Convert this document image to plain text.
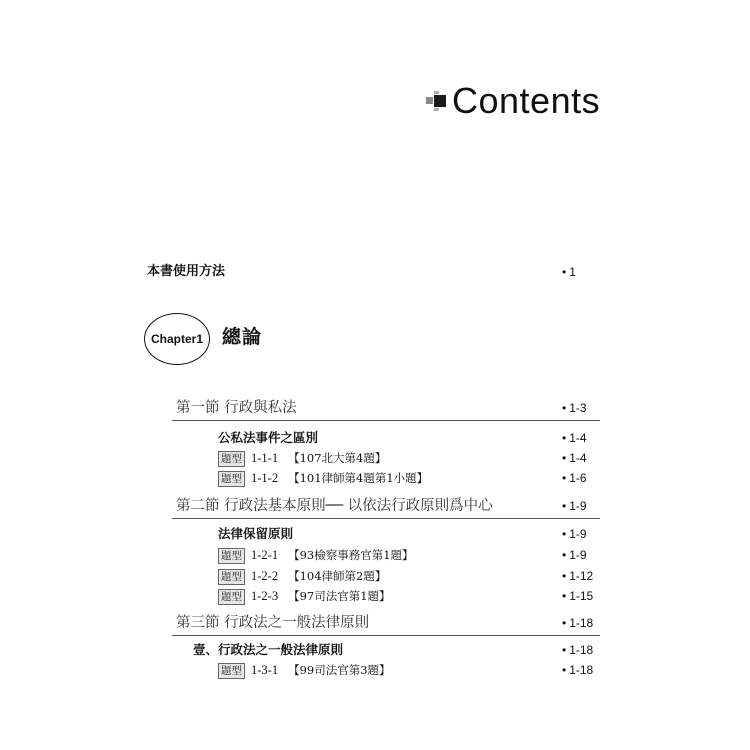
Contents
本書使用方法	• 1
Chapter1	總論
第一節 行政與私法	• 1-3
公私法事件之區別	• 1-4
題型 1-1-1 【107北大第4題】	• 1-4
題型 1-1-2 【101律師第4題第1小題】	• 1-6
第二節 行政法基本原則── 以依法行政原則爲中心	• 1-9
法律保留原則	• 1-9
題型 1-2-1 【93檢察事務官第1題】	• 1-9
題型 1-2-2 【104律師第2題】	• 1-12
題型 1-2-3 【97司法官第1題】	• 1-15
第三節 行政法之一般法律原則	• 1-18
壹、行政法之一般法律原則	• 1-18
題型 1-3-1 【99司法官第3題】	• 1-18
